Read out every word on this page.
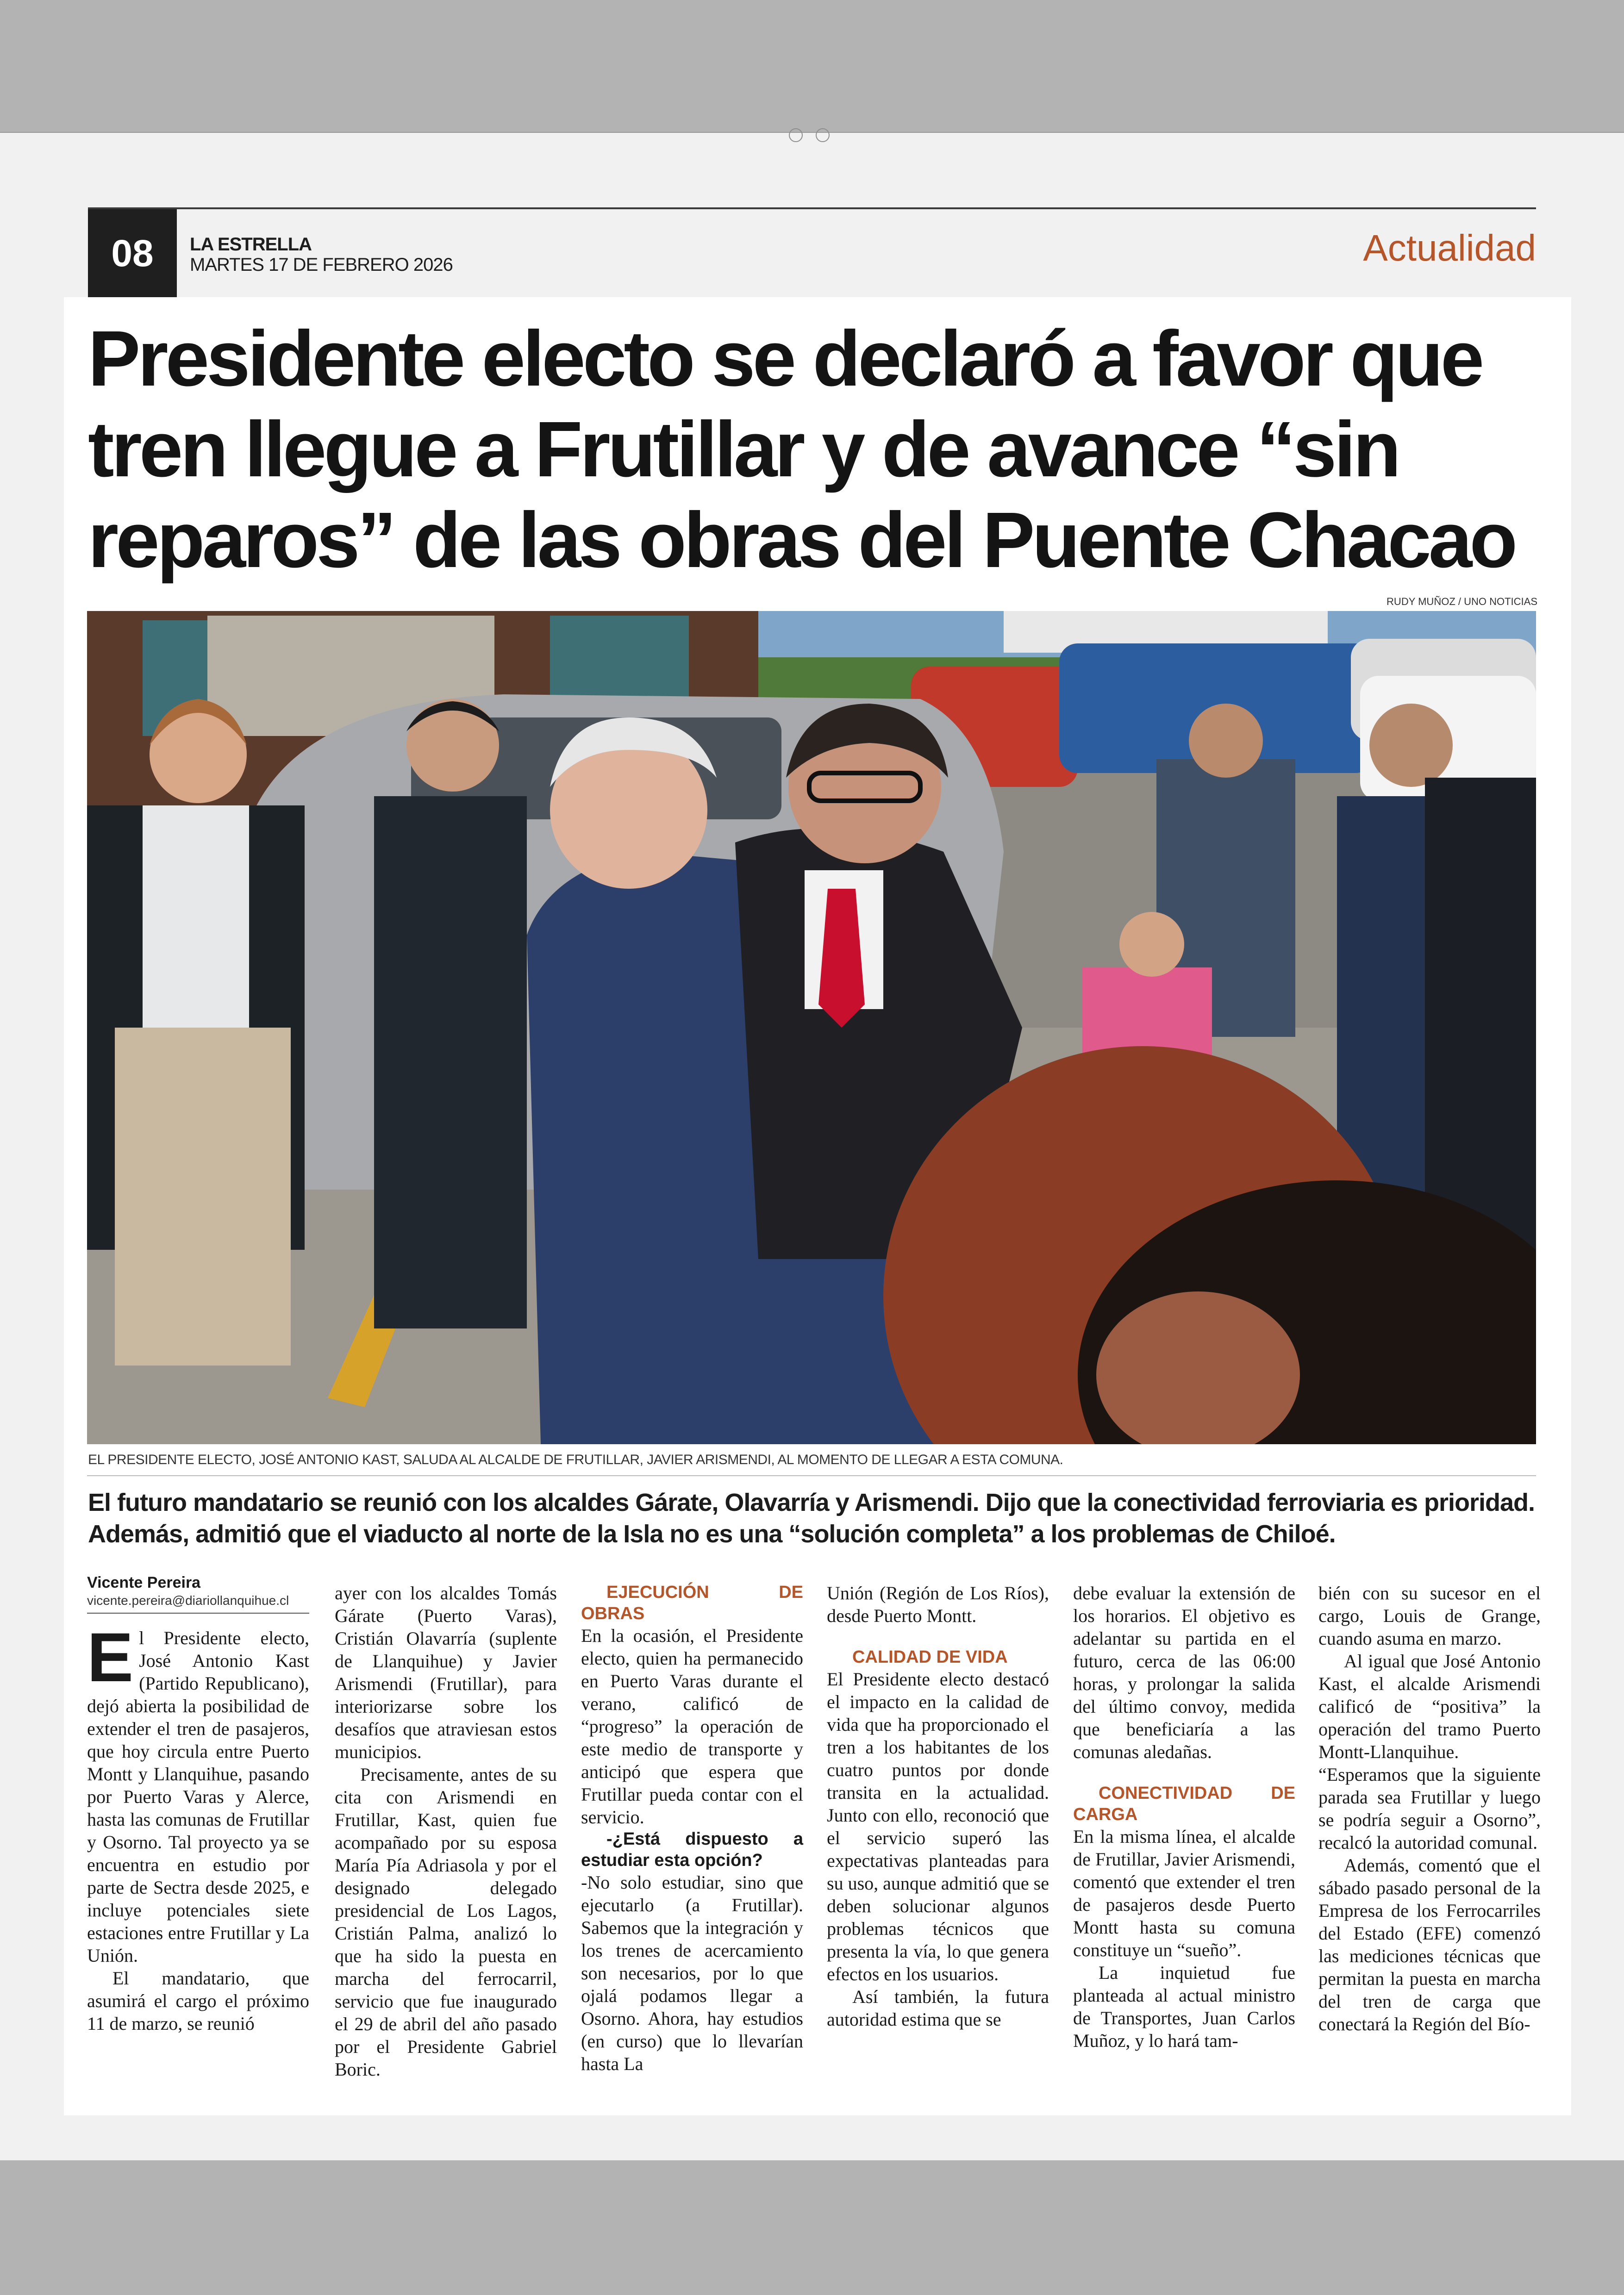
08	LA ESTRELLA
MARTES 17 DE FEBRERO 2026	Actualidad
Presidente electo se declaró a favor que tren llegue a Frutillar y de avance “sin reparos” de las obras del Puente Chacao
RUDY MUÑOZ / UNO NOTICIAS
EL PRESIDENTE ELECTO, JOSÉ ANTONIO KAST, SALUDA AL ALCALDE DE FRUTILLAR, JAVIER ARISMENDI, AL MOMENTO DE LLEGAR A ESTA COMUNA.

El futuro mandatario se reunió con los alcaldes Gárate, Olavarría y Arismendi. Dijo que la conectividad ferroviaria es prioridad. Además, admitió que el viaducto al norte de la Isla no es una “solución completa” a los problemas de Chiloé.

Vicente Pereira
vicente.pereira@diariollanquihue.cl

El Presidente electo, José Antonio Kast (Partido Republicano), dejó abierta la posibilidad de extender el tren de pasajeros, que hoy circula entre Puerto Montt y Llanquihue, pasando por Puerto Varas y Alerce, hasta las comunas de Frutillar y Osorno. Tal proyecto ya se encuentra en estudio por parte de Sectra desde 2025, e incluye potenciales siete estaciones entre Frutillar y La Unión.

El mandatario, que asumirá el cargo el próximo 11 de marzo, se reunió

ayer con los alcaldes Tomás Gárate (Puerto Varas), Cristián Olavarría (suplente de Llanquihue) y Javier Arismendi (Frutillar), para interiorizarse sobre los desafíos que atraviesan estos municipios.

Precisamente, antes de su cita con Arismendi en Frutillar, Kast, quien fue acompañado por su esposa María Pía Adriasola y por el designado delegado presidencial de Los Lagos, Cristián Palma, analizó lo que ha sido la puesta en marcha del ferrocarril, servicio que fue inaugurado el 29 de abril del año pasado por el Presidente Gabriel Boric.

EJECUCIÓN DE OBRAS

En la ocasión, el Presidente electo, quien ha permanecido en Puerto Varas durante el verano, calificó de “progreso” la operación de este medio de transporte y anticipó que espera que Frutillar pueda contar con el servicio.

-¿Está dispuesto a estudiar esta opción?

-No solo estudiar, sino que ejecutarlo (a Frutillar). Sabemos que la integración y los trenes de acercamiento son necesarios, por lo que ojalá podamos llegar a Osorno. Ahora, hay estudios (en curso) que lo llevarían hasta La

Unión (Región de Los Ríos), desde Puerto Montt.

CALIDAD DE VIDA

El Presidente electo destacó el impacto en la calidad de vida que ha proporcionado el tren a los habitantes de los cuatro puntos por donde transita en la actualidad. Junto con ello, reconoció que el servicio superó las expectativas planteadas para su uso, aunque admitió que se deben solucionar algunos problemas técnicos que presenta la vía, lo que genera efectos en los usuarios.

Así también, la futura autoridad estima que se

debe evaluar la extensión de los horarios. El objetivo es adelantar su partida en el futuro, cerca de las 06:00 horas, y prolongar la salida del último convoy, medida que beneficiaría a las comunas aledañas.

CONECTIVIDAD DE CARGA

En la misma línea, el alcalde de Frutillar, Javier Arismendi, comentó que extender el tren de pasajeros desde Puerto Montt hasta su comuna constituye un “sueño”.

La inquietud fue planteada al actual ministro de Transportes, Juan Carlos Muñoz, y lo hará tam-

bién con su sucesor en el cargo, Louis de Grange, cuando asuma en marzo.

Al igual que José Antonio Kast, el alcalde Arismendi calificó de “positiva” la operación del tramo Puerto Montt-Llanquihue. “Esperamos que la siguiente parada sea Frutillar y luego se podría seguir a Osorno”, recalcó la autoridad comunal.

Además, comentó que el sábado pasado personal de la Empresa de los Ferrocarriles del Estado (EFE) comenzó las mediciones técnicas que permitan la puesta en marcha del tren de carga que conectará la Región del Bío-
